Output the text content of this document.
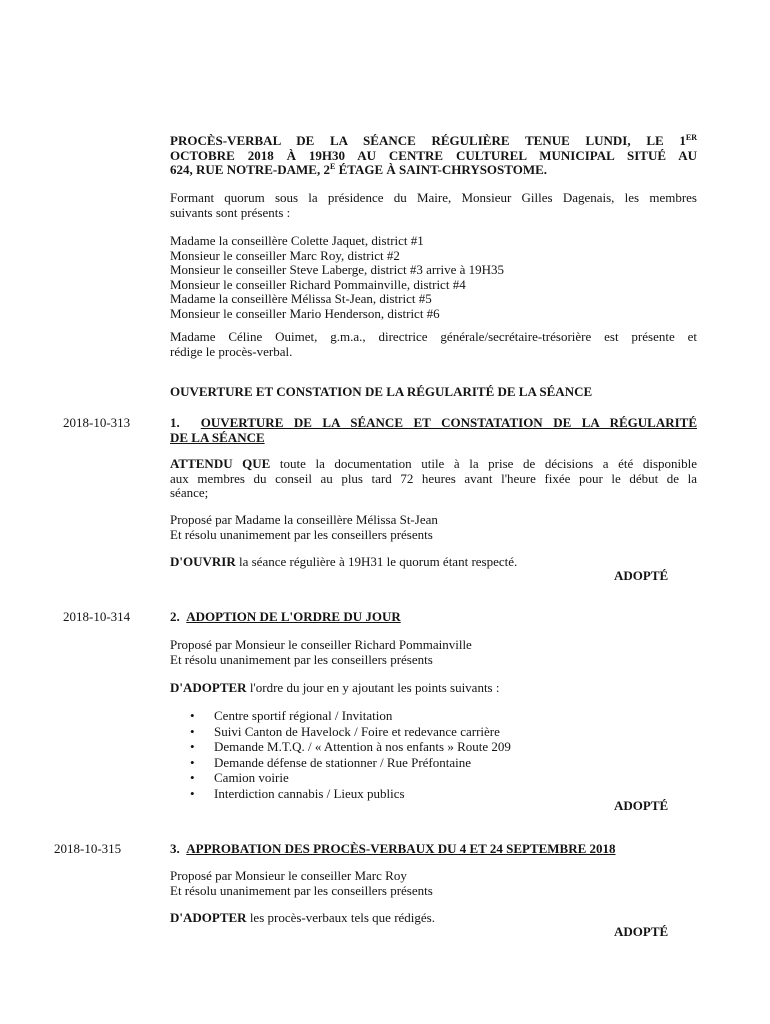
PROCÈS-VERBAL DE LA SÉANCE RÉGULIÈRE TENUE LUNDI, LE 1ER
OCTOBRE 2018 À 19H30 AU CENTRE CULTUREL MUNICIPAL SITUÉ AU
624, RUE NOTRE-DAME, $2^E$ ÉTAGE À SAINT-CHRYSOSTOME.
Formant quorum sous la présidence du Maire, Monsieur Gilles Dagenais, les membres
suivants sont présents :
Madame la conseillère Colette Jaquet, district #1
Monsieur le conseiller Marc Roy, district #2
Monsieur le conseiller Steve Laberge, district #3 arrive à 19H35
Monsieur le conseiller Richard Pommainville, district #4
Madame la conseillère Mélissa St-Jean, district #5
Monsieur le conseiller Mario Henderson, district #6
Madame Céline Ouimet, g.m.a., directrice générale/secrétaire-trésorière est présente et
rédige le procès-verbal.
OUVERTURE ET CONSTATION DE LA RÉGULARITÉ DE LA SÉANCE
2018-10-313	1. OUVERTURE DE LA SÉANCE ET CONSTATATION DE LA RÉGULARITÉ
DE LA SÉANCE
ATTENDU QUE toute la documentation utile à la prise de décisions a été disponible
aux membres du conseil au plus tard 72 heures avant l'heure fixée pour le début de la
séance;
Proposé par Madame la conseillère Mélissa St-Jean
Et résolu unanimement par les conseillers présents
D'OUVRIR la séance régulière à 19H31 le quorum étant respecté.
ADOPTÉ
2018-10-314	2. ADOPTION DE L'ORDRE DU JOUR
Proposé par Monsieur le conseiller Richard Pommainville
Et résolu unanimement par les conseillers présents
D'ADOPTER l'ordre du jour en y ajoutant les points suivants :
• Centre sportif régional / Invitation
• Suivi Canton de Havelock / Foire et redevance carrière
• Demande M.T.Q. / « Attention à nos enfants » Route 209
• Demande défense de stationner / Rue Préfontaine
• Camion voirie
• Interdiction cannabis / Lieux publics
ADOPTÉ
2018-10-315	3. APPROBATION DES PROCÈS-VERBAUX DU 4 ET 24 SEPTEMBRE 2018
Proposé par Monsieur le conseiller Marc Roy
Et résolu unanimement par les conseillers présents
D'ADOPTER les procès-verbaux tels que rédigés.
ADOPTÉ
